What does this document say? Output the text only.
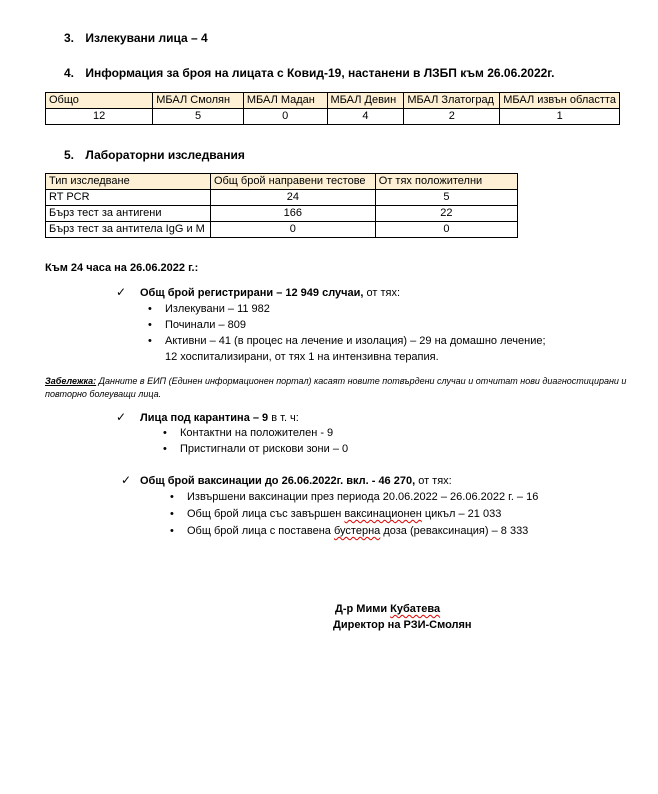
3. Излекувани лица – 4
4. Информация за броя на лицата с Ковид-19, настанени в ЛЗБП към 26.06.2022г.
Общо	МБАЛ Смолян	МБАЛ Мадан	МБАЛ Девин	МБАЛ Златоград	МБАЛ извън областта
12	5	0	4	2	1
5. Лабораторни изследвания
Тип изследване	Общ брой направени тестове	От тях положителни
RT PCR	24	5
Бърз тест за антигени	166	22
Бърз тест за антитела IgG и M	0	0
Към 24 часа на 26.06.2022 г.:
✓ Общ брой регистрирани – 12 949 случаи, от тях:
• Излекувани – 11 982
• Починали – 809
• Активни – 41 (в процес на лечение и изолация) – 29 на домашно лечение;
12 хоспитализирани, от тях 1 на интензивна терапия.
Забележка: Данните в ЕИП (Единен информационен портал) касаят новите потвърдени случаи и отчитат нови диагностицирани и
повторно болеуващи лица.
✓ Лица под карантина – 9 в т. ч:
• Контактни на положителен - 9
• Пристигнали от рискови зони – 0
✓ Общ брой ваксинации до 26.06.2022г. вкл. - 46 270, от тях:
• Извършени ваксинации през периода 20.06.2022 – 26.06.2022 г. – 16
• Общ брой лица със завършен ваксинационен цикъл – 21 033
• Общ брой лица с поставена бустерна доза (реваксинация) – 8 333
Д-р Мими Кубатева
Директор на РЗИ-Смолян
